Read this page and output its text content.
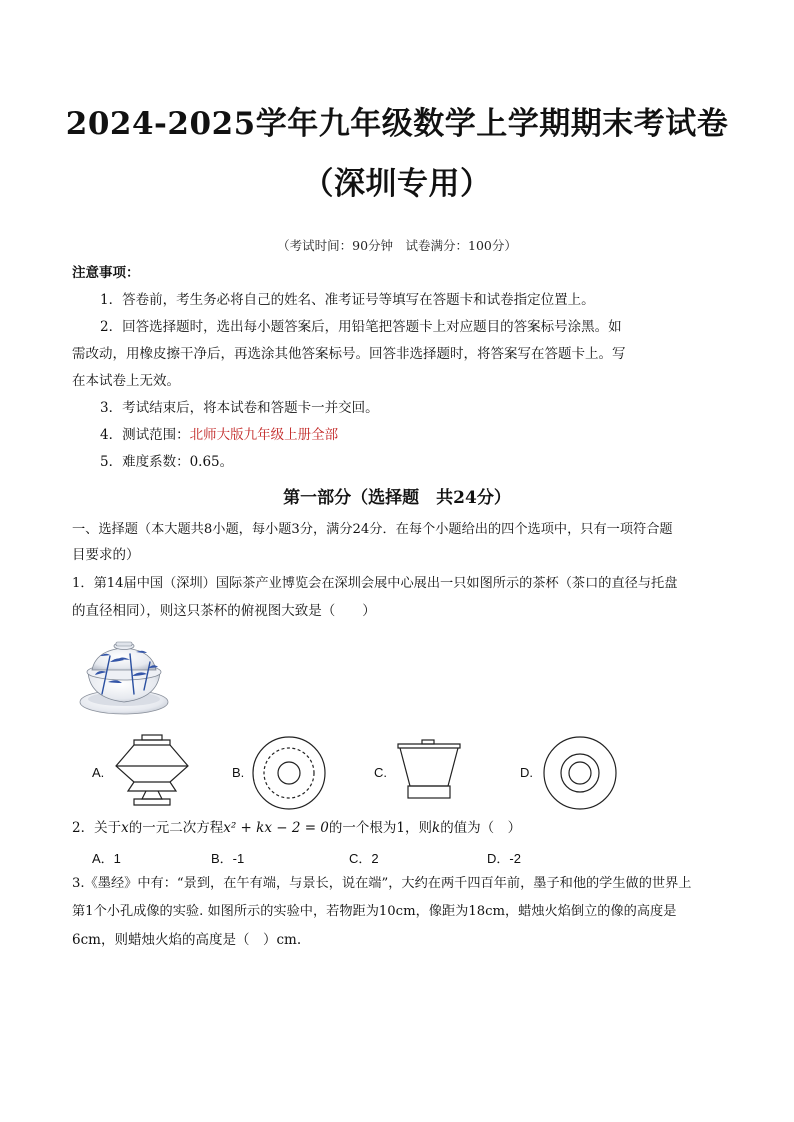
2024-2025学年九年级数学上学期期末考试卷
（深圳专用）
（考试时间：90分钟　试卷满分：100分）
注意事项：
1．答卷前，考生务必将自己的姓名、准考证号等填写在答题卡和试卷指定位置上。
2．回答选择题时，选出每小题答案后，用铅笔把答题卡上对应题目的答案标号涂黑。如
需改动，用橡皮擦干净后，再选涂其他答案标号。回答非选择题时，将答案写在答题卡上。写
在本试卷上无效。
3．考试结束后，将本试卷和答题卡一并交回。
4．测试范围：北师大版九年级上册全部
5．难度系数：0.65。
第一部分（选择题　共24分）
一、选择题（本大题共8小题，每小题3分，满分24分．在每个小题给出的四个选项中，只有一项符合题
目要求的）
1．第14届中国（深圳）国际茶产业博览会在深圳会展中心展出一只如图所示的茶杯（茶口的直径与托盘
的直径相同），则这只茶杯的俯视图大致是（　　）
A.	B.	C.	D.
2．关于x的一元二次方程x² + kx − 2 = 0的一个根为1，则k的值为（　）
A．1	B．-1	C．2	D．-2
3.《墨经》中有：“景到，在午有端，与景长，说在端”，大约在两千四百年前，墨子和他的学生做的世界上
第1个小孔成像的实验. 如图所示的实验中，若物距为10cm，像距为18cm，蜡烛火焰倒立的像的高度是
6cm，则蜡烛火焰的高度是（　）cm.
